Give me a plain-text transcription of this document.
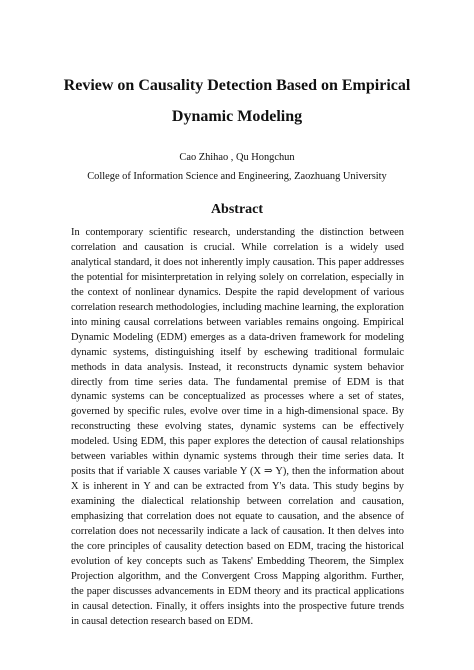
Review on Causality Detection Based on Empirical
Dynamic Modeling
Cao Zhihao , Qu Hongchun
College of Information Science and Engineering, Zaozhuang University
Abstract
In contemporary scientific research, understanding the distinction between correlation and causation is crucial. While correlation is a widely used analytical standard, it does not inherently imply causation. This paper addresses the potential for misinterpretation in relying solely on correlation, especially in the context of nonlinear dynamics. Despite the rapid development of various correlation research methodologies, including machine learning, the exploration into mining causal correlations between variables remains ongoing. Empirical Dynamic Modeling (EDM) emerges as a data-driven framework for modeling dynamic systems, distinguishing itself by eschewing traditional formulaic methods in data analysis. Instead, it reconstructs dynamic system behavior directly from time series data. The fundamental premise of EDM is that dynamic systems can be conceptualized as processes where a set of states, governed by specific rules, evolve over time in a high-dimensional space. By reconstructing these evolving states, dynamic systems can be effectively modeled. Using EDM, this paper explores the detection of causal relationships between variables within dynamic systems through their time series data. It posits that if variable X causes variable Y (X ⇒ Y), then the information about X is inherent in Y and can be extracted from Y's data. This study begins by examining the dialectical relationship between correlation and causation, emphasizing that correlation does not equate to causation, and the absence of correlation does not necessarily indicate a lack of causation. It then delves into the core principles of causality detection based on EDM, tracing the historical evolution of key concepts such as Takens' Embedding Theorem, the Simplex Projection algorithm, and the Convergent Cross Mapping algorithm. Further, the paper discusses advancements in EDM theory and its practical applications in causal detection. Finally, it offers insights into the prospective future trends in causal detection research based on EDM.
